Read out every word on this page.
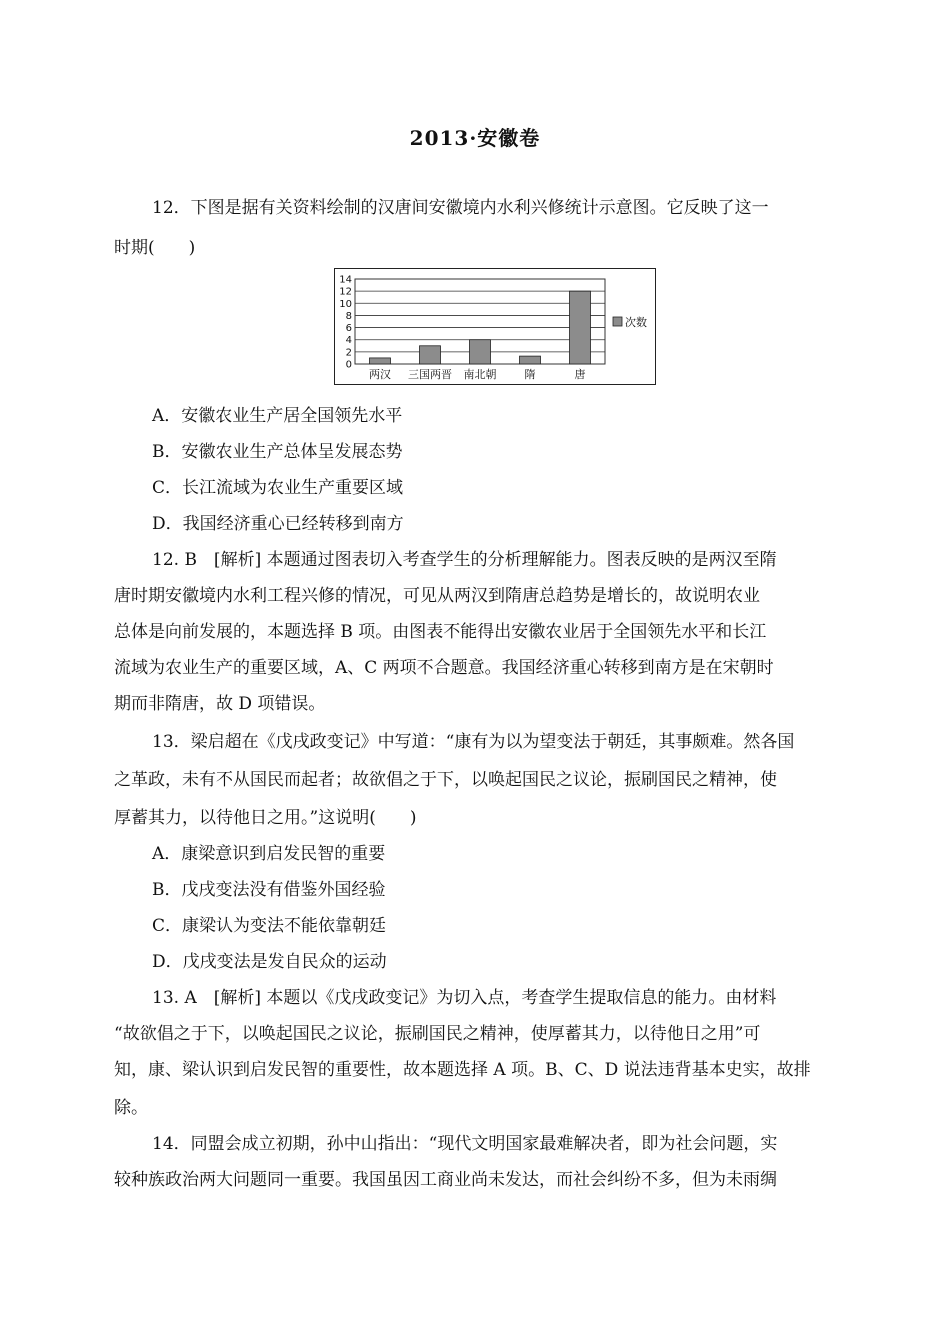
2013·安徽卷
12．下图是据有关资料绘制的汉唐间安徽境内水利兴修统计示意图。它反映了这一
时期(　　)
0
2
4
6
8
10
12
14
两汉 三国两晋 南北朝	隋	唐
次数
A．安徽农业生产居全国领先水平
B．安徽农业生产总体呈发展态势
C．长江流域为农业生产重要区域
D．我国经济重心已经转移到南方
12. B　[解析] 本题通过图表切入考查学生的分析理解能力。图表反映的是两汉至隋
唐时期安徽境内水利工程兴修的情况，可见从两汉到隋唐总趋势是增长的，故说明农业
总体是向前发展的，本题选择 B 项。由图表不能得出安徽农业居于全国领先水平和长江
流域为农业生产的重要区域，A、C 两项不合题意。我国经济重心转移到南方是在宋朝时
期而非隋唐，故 D 项错误。
13．梁启超在《戊戌政变记》中写道：“康有为以为望变法于朝廷，其事颇难。然各国
之革政，未有不从国民而起者；故欲倡之于下，以唤起国民之议论，振刷国民之精神，使
厚蓄其力，以待他日之用。”这说明(　　)
A．康梁意识到启发民智的重要
B．戊戌变法没有借鉴外国经验
C．康梁认为变法不能依靠朝廷
D．戊戌变法是发自民众的运动
13. A　[解析] 本题以《戊戌政变记》为切入点，考查学生提取信息的能力。由材料
“故欲倡之于下，以唤起国民之议论，振刷国民之精神，使厚蓄其力，以待他日之用”可
知，康、梁认识到启发民智的重要性，故本题选择 A 项。B、C、D 说法违背基本史实，故排
除。
14．同盟会成立初期，孙中山指出：“现代文明国家最难解决者，即为社会问题，实
较种族政治两大问题同一重要。我国虽因工商业尚未发达，而社会纠纷不多，但为未雨绸
